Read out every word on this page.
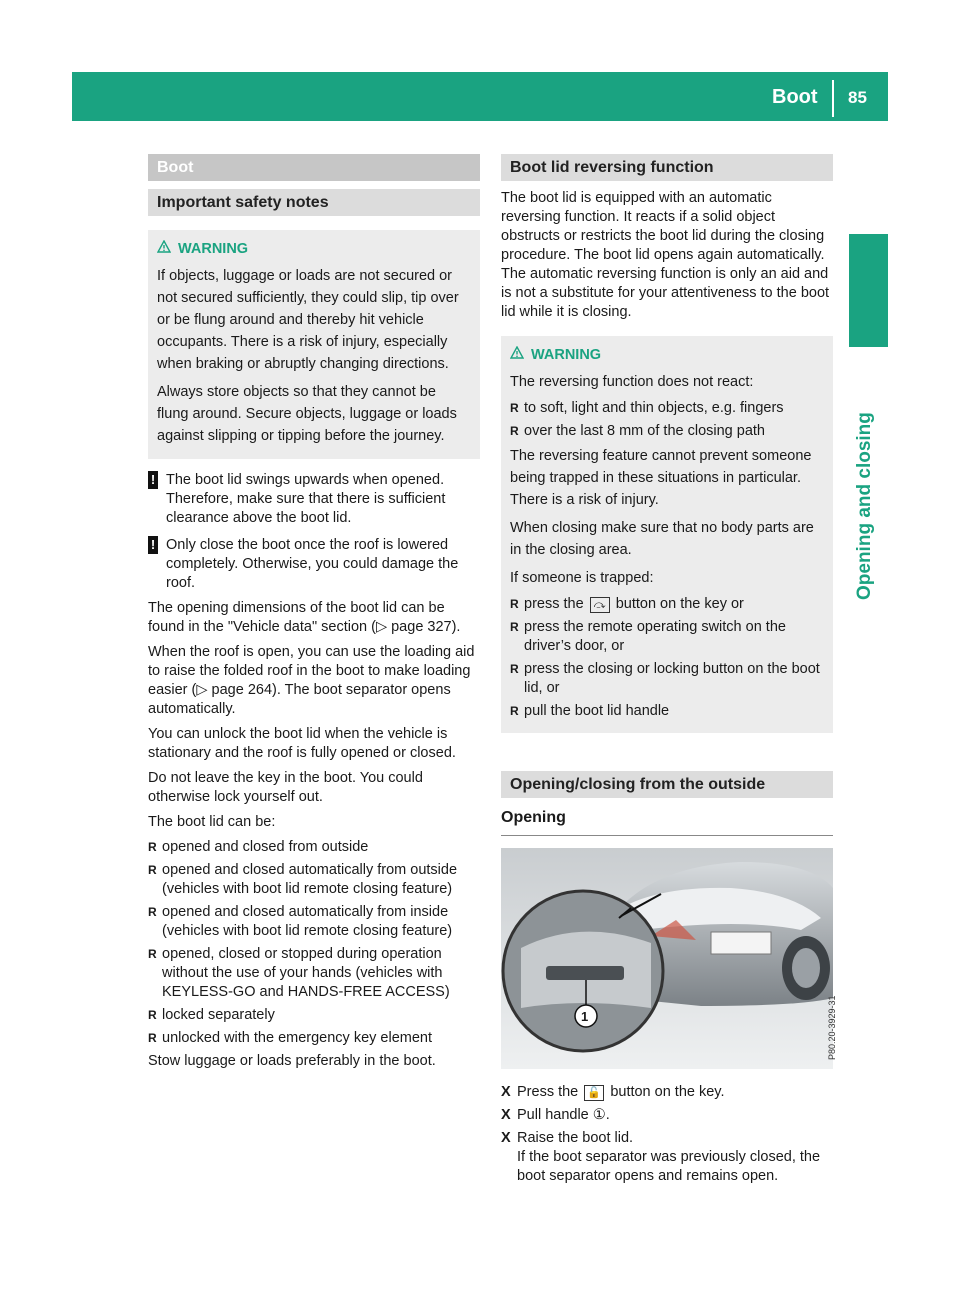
Boot 85
Opening and closing
Boot
Important safety notes
WARNING

If objects, luggage or loads are not secured or not secured sufficiently, they could slip, tip over or be flung around and thereby hit vehicle occupants. There is a risk of injury, especially when braking or abruptly changing directions.

Always store objects so that they cannot be flung around. Secure objects, luggage or loads against slipping or tipping before the journey.

! The boot lid swings upwards when opened. Therefore, make sure that there is sufficient clearance above the boot lid.
! Only close the boot once the roof is lowered completely. Otherwise, you could damage the roof.

The opening dimensions of the boot lid can be found in the "Vehicle data" section (▷ page 327).

When the roof is open, you can use the loading aid to raise the folded roof in the boot to make loading easier (▷ page 264). The boot separator opens automatically.

You can unlock the boot lid when the vehicle is stationary and the roof is fully opened or closed.

Do not leave the key in the boot. You could otherwise lock yourself out.

The boot lid can be:

R opened and closed from outside
R opened and closed automatically from outside (vehicles with boot lid remote closing feature)
R opened and closed automatically from inside (vehicles with boot lid remote closing feature)
R opened, closed or stopped during operation without the use of your hands (vehicles with KEYLESS-GO and HANDS-FREE ACCESS)
R locked separately
R unlocked with the emergency key element

Stow luggage or loads preferably in the boot.

Boot lid reversing function

The boot lid is equipped with an automatic reversing function. It reacts if a solid object obstructs or restricts the boot lid during the closing procedure. The boot lid opens again automatically. The automatic reversing function is only an aid and is not a substitute for your attentiveness to the boot lid while it is closing.

WARNING

The reversing function does not react:

R to soft, light and thin objects, e.g. fingers
R over the last 8 mm of the closing path

The reversing feature cannot prevent someone being trapped in these situations in particular. There is a risk of injury.

When closing make sure that no body parts are in the closing area.

If someone is trapped:

R press the ⤼ button on the key or
R press the remote operating switch on the driver’s door, or
R press the closing or locking button on the boot lid, or
R pull the boot lid handle
Opening/closing from the outside
Opening
1	P80.20-3929-31
X Press the 🔓 button on the key.
X Pull handle ①.
X Raise the boot lid.
If the boot separator was previously closed, the boot separator opens and remains open.
